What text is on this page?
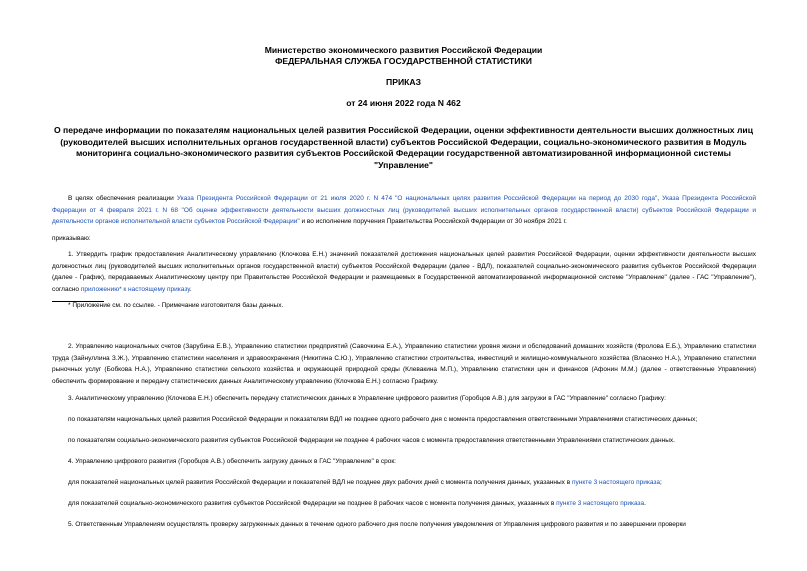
Министерство экономического развития Российской Федерации

ФЕДЕРАЛЬНАЯ СЛУЖБА ГОСУДАРСТВЕННОЙ СТАТИСТИКИ

ПРИКАЗ

от 24 июня 2022 года N 462

О передаче информации по показателям национальных целей развития Российской Федерации, оценки эффективности деятельности высших должностных лиц (руководителей высших исполнительных органов государственной власти) субъектов Российской Федерации, социально-экономического развития в Модуль мониторинга социально-экономического развития субъектов Российской Федерации государственной автоматизированной информационной системы "Управление"

В целях обеспечения реализации Указа Президента Российской Федерации от 21 июля 2020 г. N 474 "О национальных целях развития Российской Федерации на период до 2030 года", Указа Президента Российской Федерации от 4 февраля 2021 г. N 68 "Об оценке эффективности деятельности высших должностных лиц (руководителей высших исполнительных органов государственной власти) субъектов Российской Федерации и деятельности органов исполнительной власти субъектов Российской Федерации" и во исполнение поручения Правительства Российской Федерации от 30 ноября 2021 г.

приказываю:

1. Утвердить график предоставления Аналитическому управлению (Клочкова Е.Н.) значений показателей достижения национальных целей развития Российской Федерации, оценки эффективности деятельности высших должностных лиц (руководителей высших исполнительных органов государственной власти) субъектов Российской Федерации (далее - ВДЛ), показателей социально-экономического развития субъектов Российской Федерации (далее - График), передаваемых Аналитическому центру при Правительстве Российской Федерации и размещаемых в Государственной автоматизированной информационной системе "Управление" (далее - ГАС "Управление"), согласно приложению* к настоящему приказу.

* Приложение см. по ссылке. - Примечание изготовителя базы данных.

2. Управлению национальных счетов (Зарубина Е.В.), Управлению статистики предприятий (Савочкина Е.А.), Управлению статистики уровня жизни и обследований домашних хозяйств (Фролова Е.Б.), Управлению статистики труда (Зайнуллина З.Ж.), Управлению статистики населения и здравоохранения (Никитина С.Ю.), Управлению статистики строительства, инвестиций и жилищно-коммунального хозяйства (Власенко Н.А.), Управлению статистики рыночных услуг (Бобкова Н.А.), Управлению статистики сельского хозяйства и окружающей природной среды (Клевакина М.П.), Управлению статистики цен и финансов (Афонин М.М.) (далее - ответственные Управления) обеспечить формирование и передачу статистических данных Аналитическому управлению (Клочкова Е.Н.) согласно Графику.

3. Аналитическому управлению (Клочкова Е.Н.) обеспечить передачу статистических данных в Управление цифрового развития (Горобцов А.В.) для загрузки в ГАС "Управление" согласно Графику:

по показателям национальных целей развития Российской Федерации и показателям ВДЛ не позднее одного рабочего дня с момента предоставления ответственными Управлениями статистических данных;

по показателям социально-экономического развития субъектов Российской Федерации не позднее 4 рабочих часов с момента предоставления ответственными Управлениями статистических данных.

4. Управлению цифрового развития (Горобцов А.В.) обеспечить загрузку данных в ГАС "Управление" в срок:

для показателей национальных целей развития Российской Федерации и показателей ВДЛ не позднее двух рабочих дней с момента получения данных, указанных в пункте 3 настоящего приказа;

для показателей социально-экономического развития субъектов Российской Федерации не позднее 8 рабочих часов с момента получения данных, указанных в пункте 3 настоящего приказа.

5. Ответственным Управлениям осуществлять проверку загруженных данных в течение одного рабочего дня после получения уведомления от Управления цифрового развития и по завершении проверки
